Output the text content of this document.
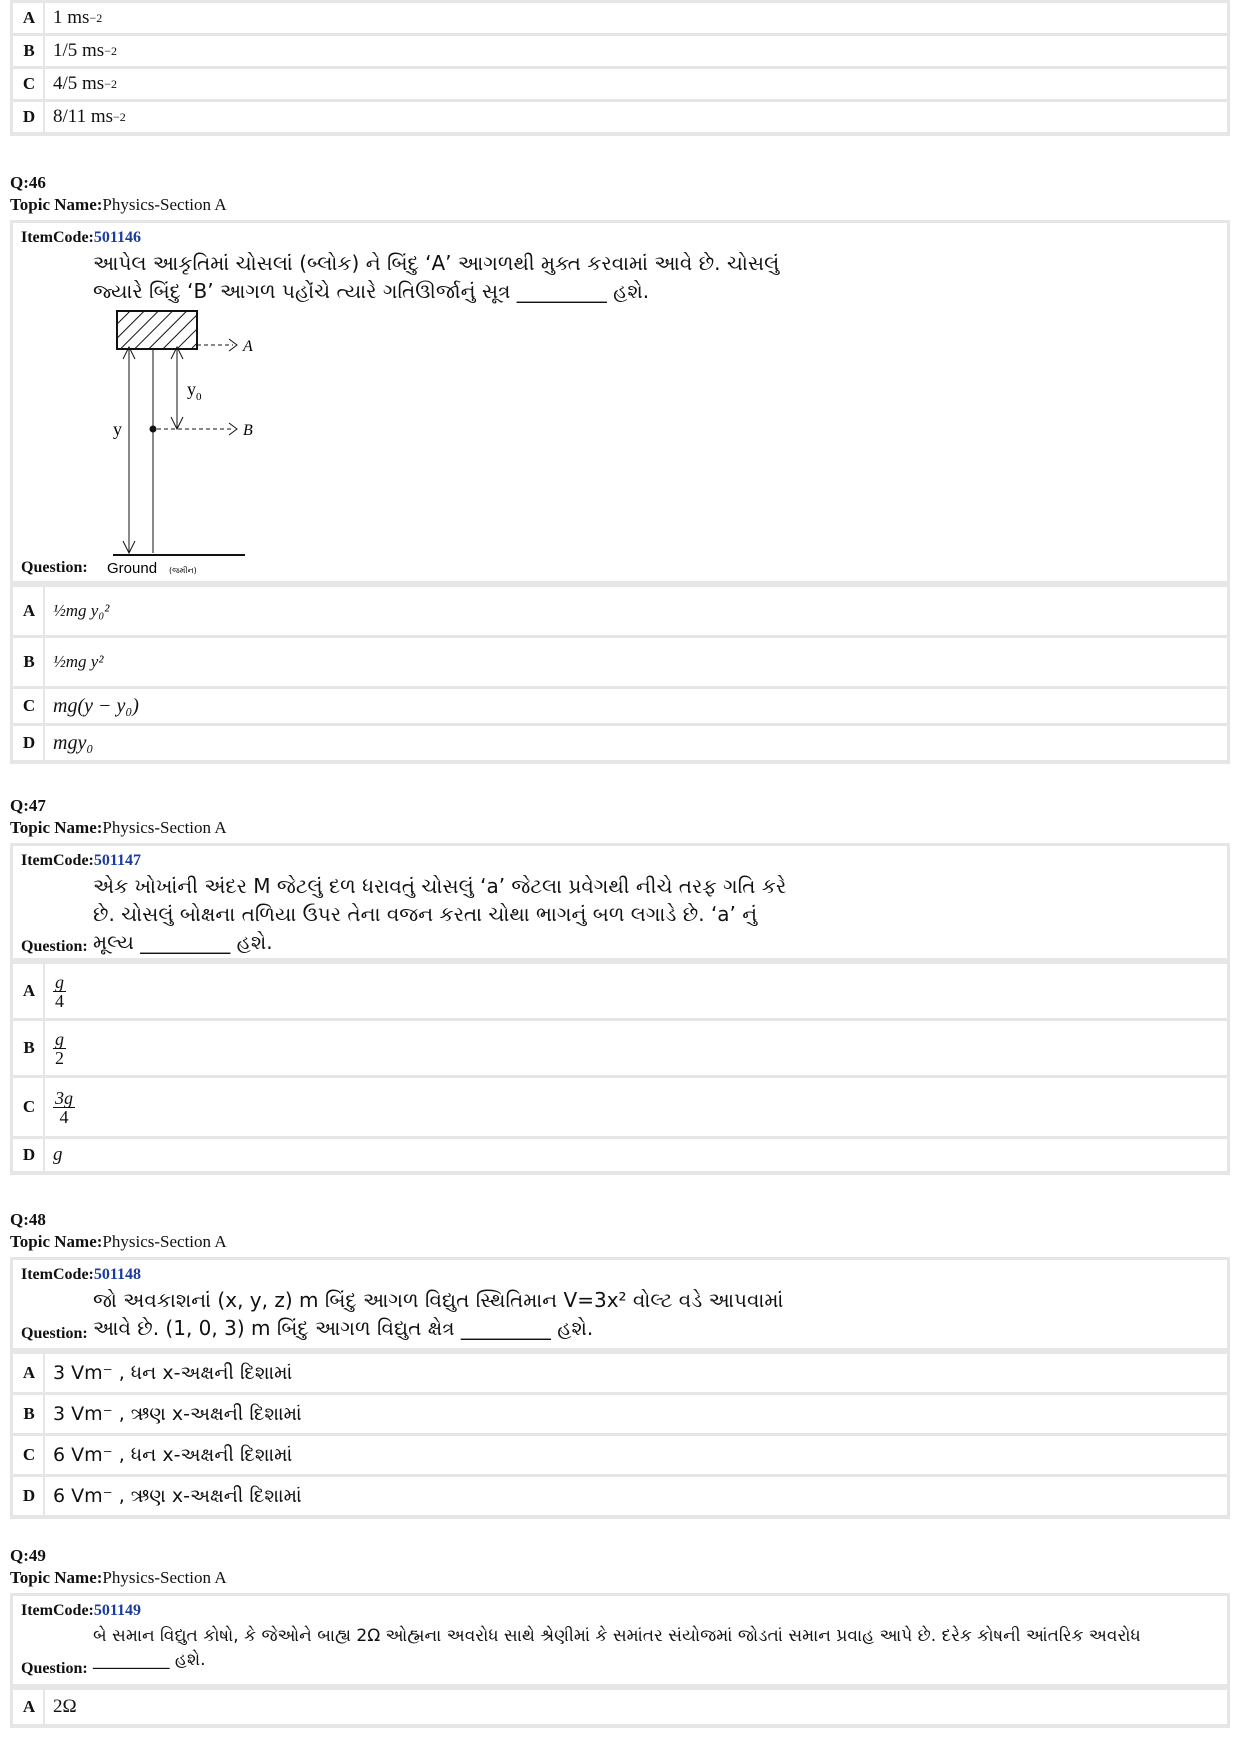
A 1 ms −2
B 1/5 ms −2
C 4/5 ms −2
D 8/11 ms −2
Q:46
Topic Name:Physics-Section A
ItemCode:501146
આપેલ આકૃતિમાં ચોસલાં (બ્લોક) ને બિંદુ ‘A’ આગળથી મુક્ત કરવામાં આવે છે. ચોસલું
જ્યારે બિંદુ ‘B’ આગળ પહોંચે ત્યારે ગતિઊર્જાનું સૂત્ર _________ હશે.
A
B
y
y 0
Ground (જમીન)
Question:
A	½mg y₀²
B	½mg y²
C mg(y − y₀)
D mgy₀
Q:47
Topic Name:Physics-Section A
ItemCode:501147
એક ખોખાંની અંદર M જેટલું દળ ધરાવતું ચોસલું ‘a’ જેટલા પ્રવેગથી નીચે તરફ ગતિ કરે
છે. ચોસલું બોક્ષના તળિયા ઉપર તેના વજન કરતા ચોથા ભાગનું બળ લગાડે છે. ‘a’ નું
મૂલ્ય _________ હશે.
Question:
A $\frac{g}{4}$
B	$\frac{g}{2}$
C $\frac{3g}{4}$
D g
Q:48
Topic Name:Physics-Section A
ItemCode:501148
જો અવકાશનાં (x, y, z) m બિંદુ આગળ વિદ્યુત સ્થિતિમાન V=3x² વોલ્ટ વડે આપવામાં
આવે છે. (1, 0, 3) m બિંદુ આગળ વિદ્યુત ક્ષેત્ર _________ હશે.
Question:
A 3 Vm⁻ , ધન x-અક્ષની દિશામાં
B 3 Vm⁻ , ઋણ x-અક્ષની દિશામાં
C 6 Vm⁻ , ધન x-અક્ષની દિશામાં
D 6 Vm⁻ , ઋણ x-અક્ષની દિશામાં
Q:49
Topic Name:Physics-Section A
ItemCode:501149
બે સમાન વિદ્યુત કોષો, કે જેઓને બાહ્ય 2Ω ઓહ્મના અવરોધ સાથે શ્રેણીમાં કે સમાંતર સંયોજમાં જોડતાં સમાન પ્રવાહ આપે છે. દરેક કોષની આંતરિક અવરોધ
_________ હશે.
Question:
A 2Ω
